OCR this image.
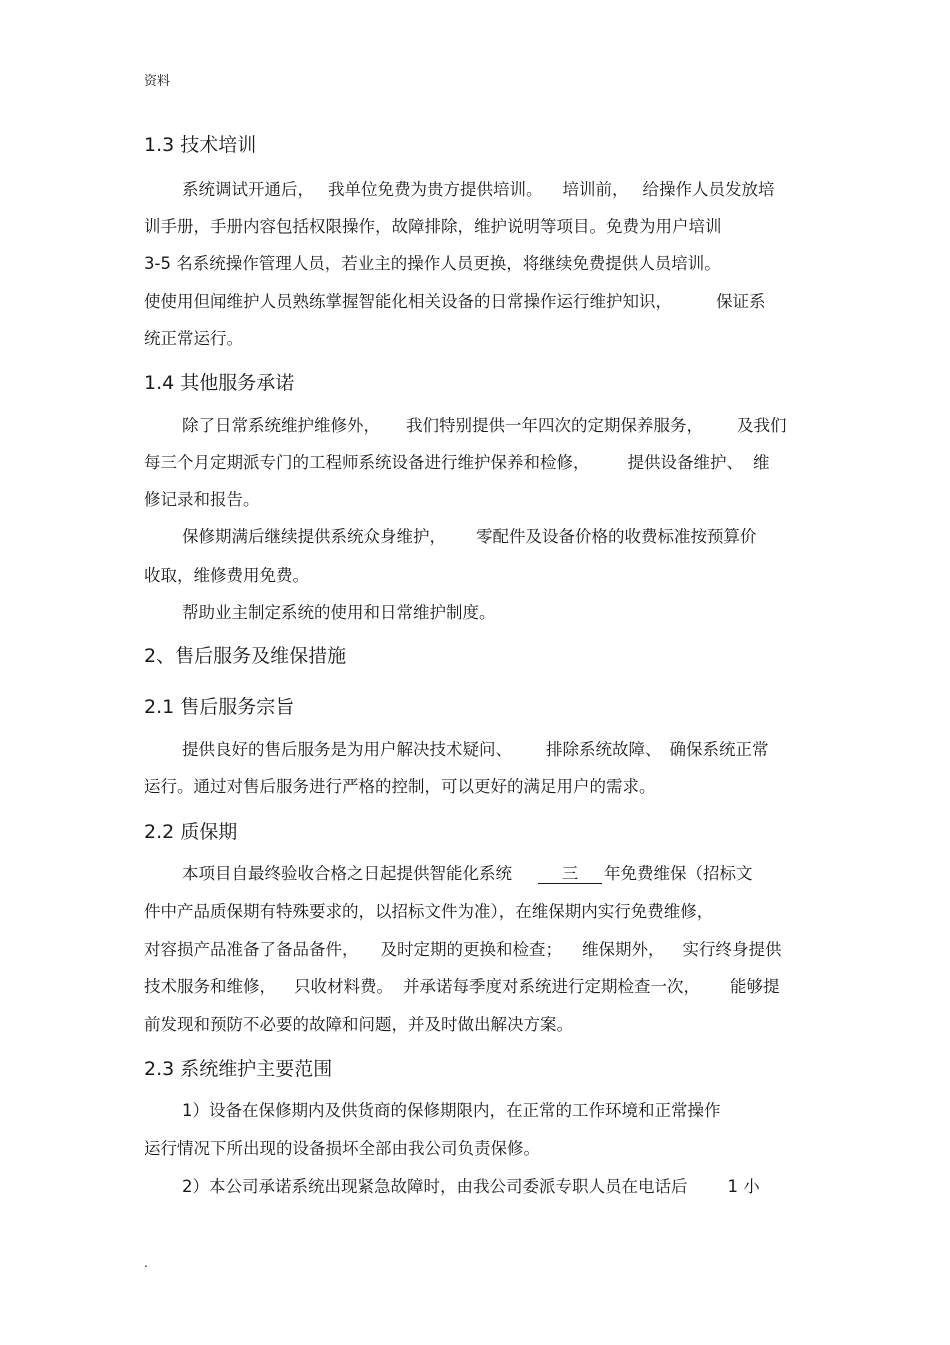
资料
1.3 技术培训
系统调试开通后， 我单位免费为贵方提供培训。 培训前， 给操作人员发放培
训手册，手册内容包括权限操作，故障排除，维护说明等项目。免费为用户培训
3-5 名系统操作管理人员，若业主的操作人员更换，将继续免费提供人员培训。
使使用但闻维护人员熟练掌握智能化相关设备的日常操作运行维护知识，	保证系
统正常运行。
1.4 其他服务承诺
除了日常系统维护维修外， 我们特别提供一年四次的定期保养服务， 及我们
每三个月定期派专门的工程师系统设备进行维护保养和检修， 提供设备维护、 维
修记录和报告。
保修期满后继续提供系统众身维护， 零配件及设备价格的收费标准按预算价
收取，维修费用免费。
帮助业主制定系统的使用和日常维护制度。
2、售后服务及维保措施
2.1 售后服务宗旨
提供良好的售后服务是为用户解决技术疑问、 排除系统故障、 确保系统正常
运行。通过对售后服务进行严格的控制，可以更好的满足用户的需求。
2.2 质保期
本项目自最终验收合格之日起提供智能化系统	三 年免费维保（招标文
件中产品质保期有特殊要求的，以招标文件为准），在维保期内实行免费维修，
对容损产品准备了备品备件， 及时定期的更换和检查； 维保期外， 实行终身提供
技术服务和维修， 只收材料费。 并承诺每季度对系统进行定期检查一次， 能够提
前发现和预防不必要的故障和问题，并及时做出解决方案。
2.3 系统维护主要范围
1）设备在保修期内及供货商的保修期限内，在正常的工作环境和正常操作
运行情况下所出现的设备损坏全部由我公司负责保修。
2）本公司承诺系统出现紧急故障时，由我公司委派专职人员在电话后 1 小
.
